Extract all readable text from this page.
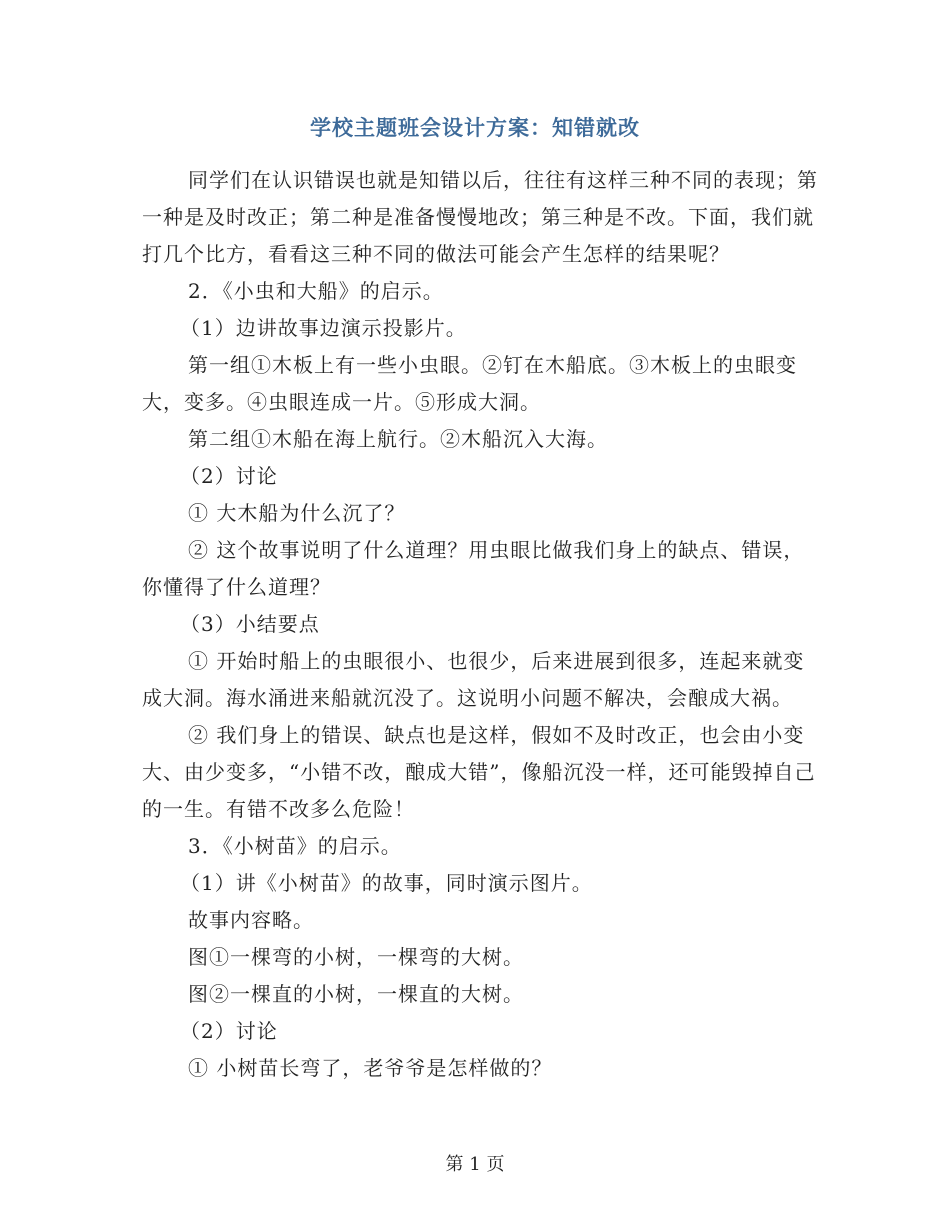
学校主题班会设计方案：知错就改

同学们在认识错误也就是知错以后，往往有这样三种不同的表现；第一种是及时改正；第二种是准备慢慢地改；第三种是不改。下面，我们就打几个比方，看看这三种不同的做法可能会产生怎样的结果呢？

2．《小虫和大船》的启示。

（1）边讲故事边演示投影片。

第一组①木板上有一些小虫眼。②钉在木船底。③木板上的虫眼变大，变多。④虫眼连成一片。⑤形成大洞。

第二组①木船在海上航行。②木船沉入大海。

（2）讨论

① 大木船为什么沉了？

② 这个故事说明了什么道理？用虫眼比做我们身上的缺点、错误，你懂得了什么道理？

（3）小结要点

① 开始时船上的虫眼很小、也很少，后来进展到很多，连起来就变成大洞。海水涌进来船就沉没了。这说明小问题不解决，会酿成大祸。

② 我们身上的错误、缺点也是这样，假如不及时改正，也会由小变大、由少变多，“小错不改，酿成大错”，像船沉没一样，还可能毁掉自己的一生。有错不改多么危险！

3．《小树苗》的启示。

（1）讲《小树苗》的故事，同时演示图片。

故事内容略。

图①一棵弯的小树，一棵弯的大树。

图②一棵直的小树，一棵直的大树。

（2）讨论

① 小树苗长弯了，老爷爷是怎样做的？

第 1 页
